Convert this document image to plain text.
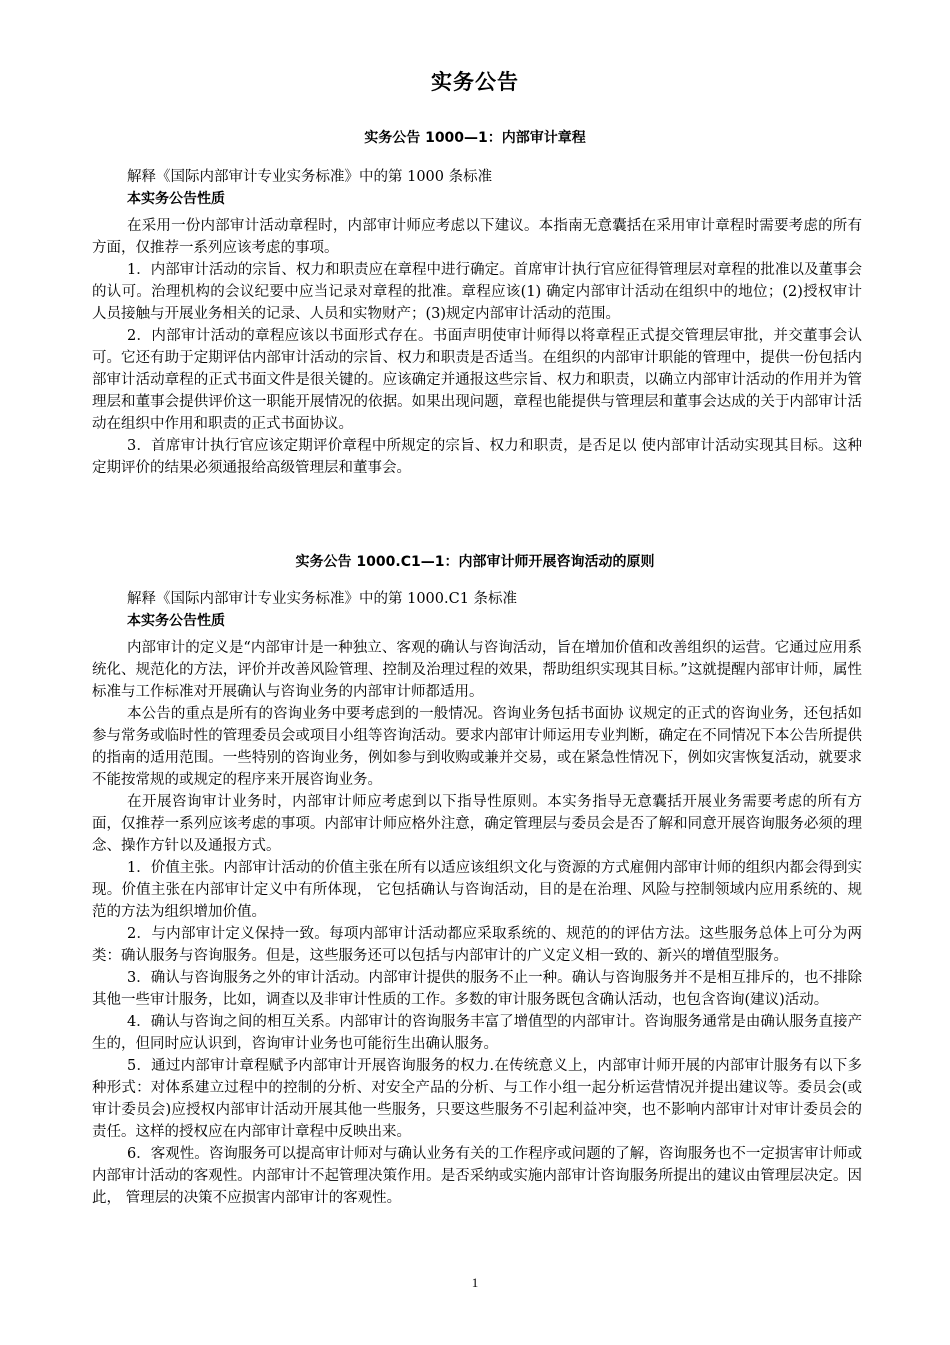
实务公告
实务公告 1000—1：内部审计章程

解释《国际内部审计专业实务标准》中的第 1000 条标准

本实务公告性质

在采用一份内部审计活动章程时，内部审计师应考虑以下建议。本指南无意囊括在采用审计章程时需要考虑的所有方面，仅推荐一系列应该考虑的事项。

1．内部审计活动的宗旨、权力和职责应在章程中进行确定。首席审计执行官应征得管理层对章程的批准以及董事会的认可。治理机构的会议纪要中应当记录对章程的批准。章程应该(1) 确定内部审计活动在组织中的地位；(2)授权审计人员接触与开展业务相关的记录、人员和实物财产；(3)规定内部审计活动的范围。

2．内部审计活动的章程应该以书面形式存在。书面声明使审计师得以将章程正式提交管理层审批，并交董事会认可。它还有助于定期评估内部审计活动的宗旨、权力和职责是否适当。在组织的内部审计职能的管理中，提供一份包括内部审计活动章程的正式书面文件是很关键的。应该确定并通报这些宗旨、权力和职责，以确立内部审计活动的作用并为管理层和董事会提供评价这一职能开展情况的依据。如果出现问题，章程也能提供与管理层和董事会达成的关于内部审计活动在组织中作用和职责的正式书面协议。

3．首席审计执行官应该定期评价章程中所规定的宗旨、权力和职责，是否足以 使内部审计活动实现其目标。这种定期评价的结果必须通报给高级管理层和董事会。

实务公告 1000.C1—1：内部审计师开展咨询活动的原则

解释《国际内部审计专业实务标准》中的第 1000.C1 条标准

本实务公告性质

内部审计的定义是“内部审计是一种独立、客观的确认与咨询活动，旨在增加价值和改善组织的运营。它通过应用系统化、规范化的方法，评价并改善风险管理、控制及治理过程的效果，帮助组织实现其目标。”这就提醒内部审计师，属性标准与工作标准对开展确认与咨询业务的内部审计师都适用。

本公告的重点是所有的咨询业务中要考虑到的一般情况。咨询业务包括书面协 议规定的正式的咨询业务，还包括如参与常务或临时性的管理委员会或项目小组等咨询活动。要求内部审计师运用专业判断，确定在不同情况下本公告所提供的指南的适用范围。一些特别的咨询业务，例如参与到收购或兼并交易，或在紧急性情况下，例如灾害恢复活动，就要求不能按常规的或规定的程序来开展咨询业务。

在开展咨询审计业务时，内部审计师应考虑到以下指导性原则。本实务指导无意囊括开展业务需要考虑的所有方面，仅推荐一系列应该考虑的事项。内部审计师应格外注意，确定管理层与委员会是否了解和同意开展咨询服务必须的理念、操作方针以及通报方式。

1．价值主张。内部审计活动的价值主张在所有以适应该组织文化与资源的方式雇佣内部审计师的组织内都会得到实现。价值主张在内部审计定义中有所体现， 它包括确认与咨询活动，目的是在治理、风险与控制领域内应用系统的、规范的方法为组织增加价值。

2．与内部审计定义保持一致。每项内部审计活动都应采取系统的、规范的的评估方法。这些服务总体上可分为两类：确认服务与咨询服务。但是，这些服务还可以包括与内部审计的广义定义相一致的、新兴的增值型服务。

3．确认与咨询服务之外的审计活动。内部审计提供的服务不止一种。确认与咨询服务并不是相互排斥的，也不排除其他一些审计服务，比如，调查以及非审计性质的工作。多数的审计服务既包含确认活动，也包含咨询(建议)活动。

4．确认与咨询之间的相互关系。内部审计的咨询服务丰富了增值型的内部审计。咨询服务通常是由确认服务直接产生的，但同时应认识到，咨询审计业务也可能衍生出确认服务。

5．通过内部审计章程赋予内部审计开展咨询服务的权力.在传统意义上，内部审计师开展的内部审计服务有以下多种形式：对体系建立过程中的控制的分析、对安全产品的分析、与工作小组一起分析运营情况并提出建议等。委员会(或审计委员会)应授权内部审计活动开展其他一些服务，只要这些服务不引起利益冲突，也不影响内部审计对审计委员会的责任。这样的授权应在内部审计章程中反映出来。

6．客观性。咨询服务可以提高审计师对与确认业务有关的工作程序或问题的了解，咨询服务也不一定损害审计师或内部审计活动的客观性。内部审计不起管理决策作用。是否采纳或实施内部审计咨询服务所提出的建议由管理层决定。因此， 管理层的决策不应损害内部审计的客观性。

1
